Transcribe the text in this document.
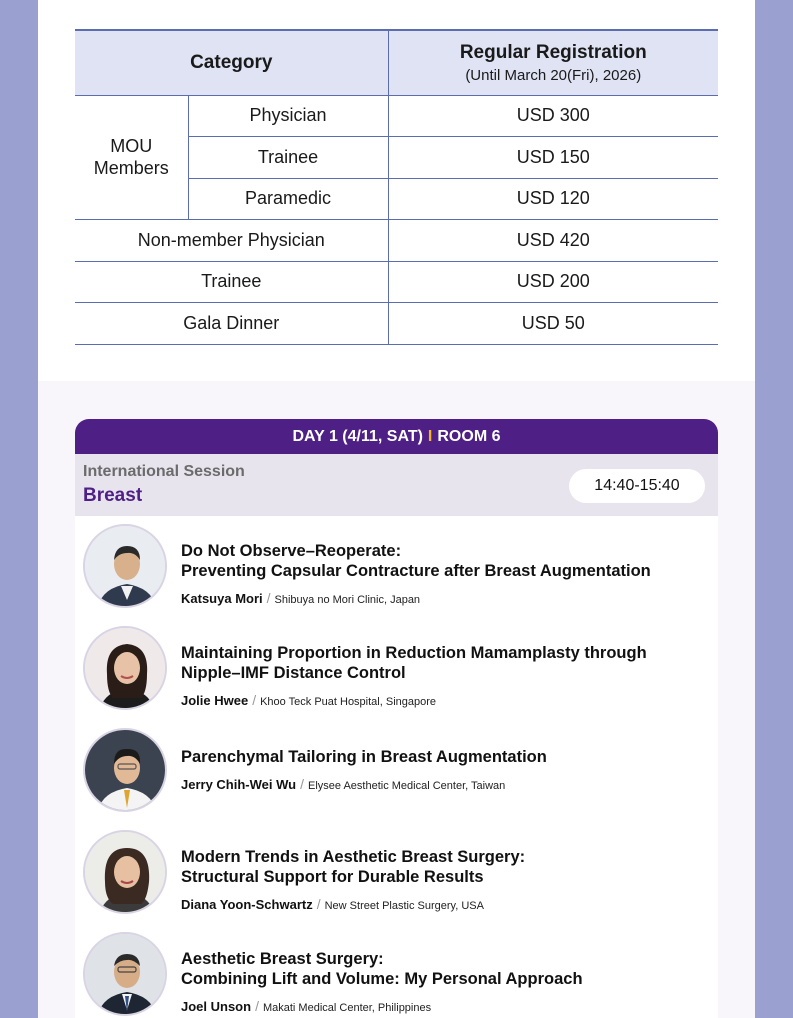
Category		Regular Registration
(Until March 20(Fri), 2026)

MOU Members	Physician	USD 300
	Trainee	USD 150
	Paramedic	USD 120
Non-member Physician		USD 420
Trainee		USD 200
Gala Dinner		USD 50
DAY 1 (4/11, SAT) I ROOM 6
International Session
Breast	14:40-15:40
Do Not Observe–Reoperate:
Preventing Capsular Contracture after Breast Augmentation
Katsuya Mori / Shibuya no Mori Clinic, Japan
Maintaining Proportion in Reduction Mamamplasty through
Nipple–IMF Distance Control
Jolie Hwee / Khoo Teck Puat Hospital, Singapore
Parenchymal Tailoring in Breast Augmentation
Jerry Chih-Wei Wu / Elysee Aesthetic Medical Center, Taiwan
Modern Trends in Aesthetic Breast Surgery:
Structural Support for Durable Results
Diana Yoon-Schwartz / New Street Plastic Surgery, USA
Aesthetic Breast Surgery:
Combining Lift and Volume: My Personal Approach
Joel Unson / Makati Medical Center, Philippines
